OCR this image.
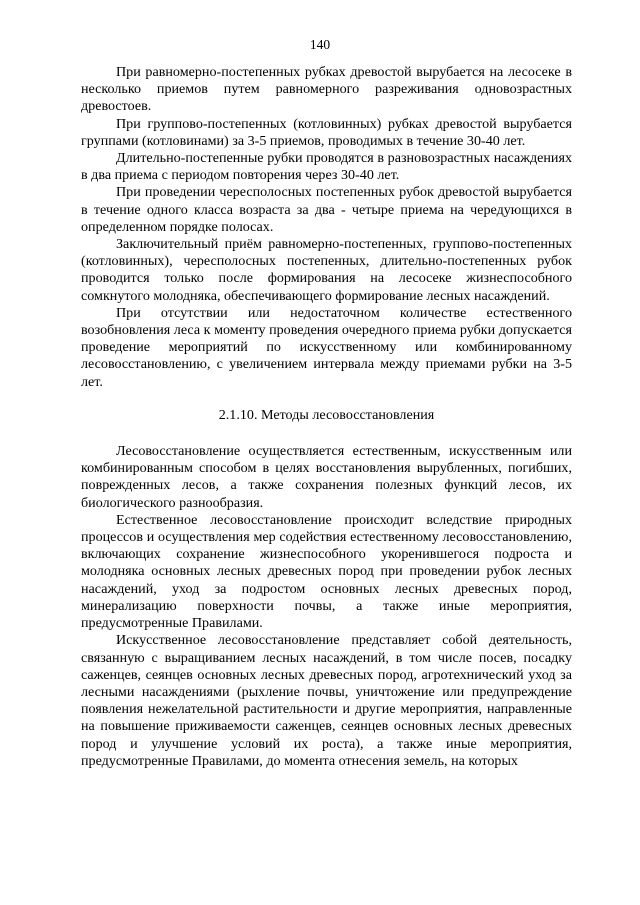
140

При равномерно-постепенных рубках древостой вырубается на лесосеке в несколько приемов путем равномерного разреживания одновозрастных древостоев.

При группово-постепенных (котловинных) рубках древостой вырубается группами (котловинами) за 3-5 приемов, проводимых в течение 30-40 лет.

Длительно-постепенные рубки проводятся в разновозрастных насаждениях в два приема с периодом повторения через 30-40 лет.

При проведении чересполосных постепенных рубок древостой вырубается в течение одного класса возраста за два - четыре приема на чередующихся в определенном порядке полосах.

Заключительный приём равномерно-постепенных, группово-постепенных (котловинных), чересполосных постепенных, длительно-постепенных рубок проводится только после формирования на лесосеке жизнеспособного сомкнутого молодняка, обеспечивающего формирование лесных насаждений.

При отсутствии или недостаточном количестве естественного возобновления леса к моменту проведения очередного приема рубки допускается проведение мероприятий по искусственному или комбинированному лесовосстановлению, с увеличением интервала между приемами рубки на 3-5 лет.

2.1.10. Методы лесовосстановления

Лесовосстановление осуществляется естественным, искусственным или комбинированным способом в целях восстановления вырубленных, погибших, поврежденных лесов, а также сохранения полезных функций лесов, их биологического разнообразия.

Естественное лесовосстановление происходит вследствие природных процессов и осуществления мер содействия естественному лесовосстановлению, включающих сохранение жизнеспособного укоренившегося подроста и молодняка основных лесных древесных пород при проведении рубок лесных насаждений, уход за подростом основных лесных древесных пород, минерализацию поверхности почвы, а также иные мероприятия, предусмотренные Правилами.

Искусственное лесовосстановление представляет собой деятельность, связанную с выращиванием лесных насаждений, в том числе посев, посадку саженцев, сеянцев основных лесных древесных пород, агротехнический уход за лесными насаждениями (рыхление почвы, уничтожение или предупреждение появления нежелательной растительности и другие мероприятия, направленные на повышение приживаемости саженцев, сеянцев основных лесных древесных пород и улучшение условий их роста), а также иные мероприятия, предусмотренные Правилами, до момента отнесения земель, на которых
